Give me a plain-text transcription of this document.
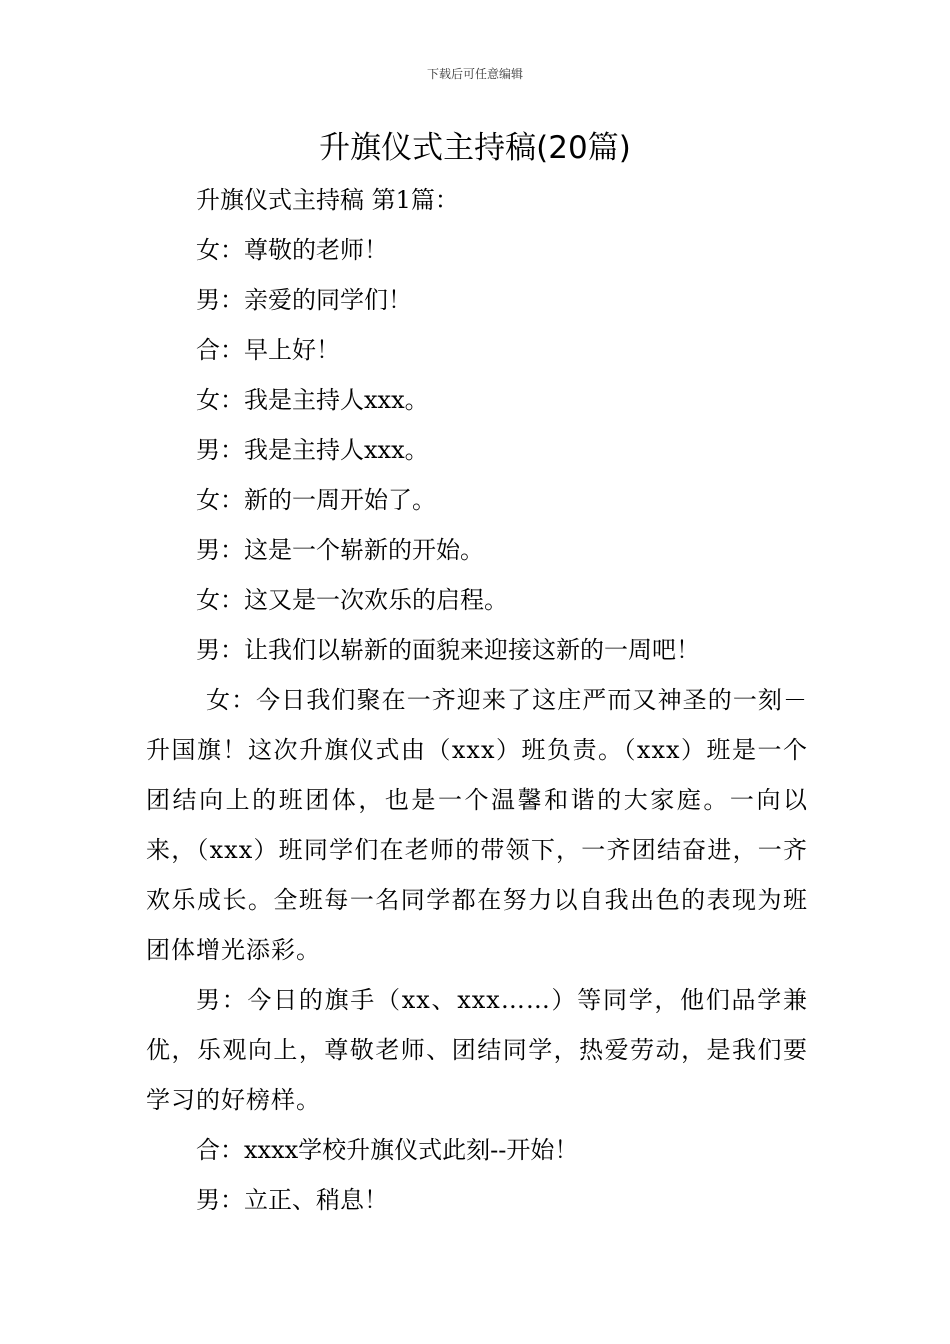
下载后可任意编辑
升旗仪式主持稿(20篇)

升旗仪式主持稿 第1篇：

女：尊敬的老师！

男：亲爱的同学们！

合：早上好！

女：我是主持人xxx。

男：我是主持人xxx。

女：新的一周开始了。

男：这是一个崭新的开始。

女：这又是一次欢乐的启程。

男：让我们以崭新的面貌来迎接这新的一周吧！

女：今日我们聚在一齐迎来了这庄严而又神圣的一刻－升国旗！这次升旗仪式由（xxx）班负责。（xxx）班是一个团结向上的班团体，也是一个温馨和谐的大家庭。一向以来，（xxx）班同学们在老师的带领下，一齐团结奋进，一齐欢乐成长。全班每一名同学都在努力以自我出色的表现为班团体增光添彩。

男：今日的旗手（xx、xxx……）等同学，他们品学兼优，乐观向上，尊敬老师、团结同学，热爱劳动，是我们要学习的好榜样。

合：xxxx学校升旗仪式此刻--开始！

男：立正、稍息！
